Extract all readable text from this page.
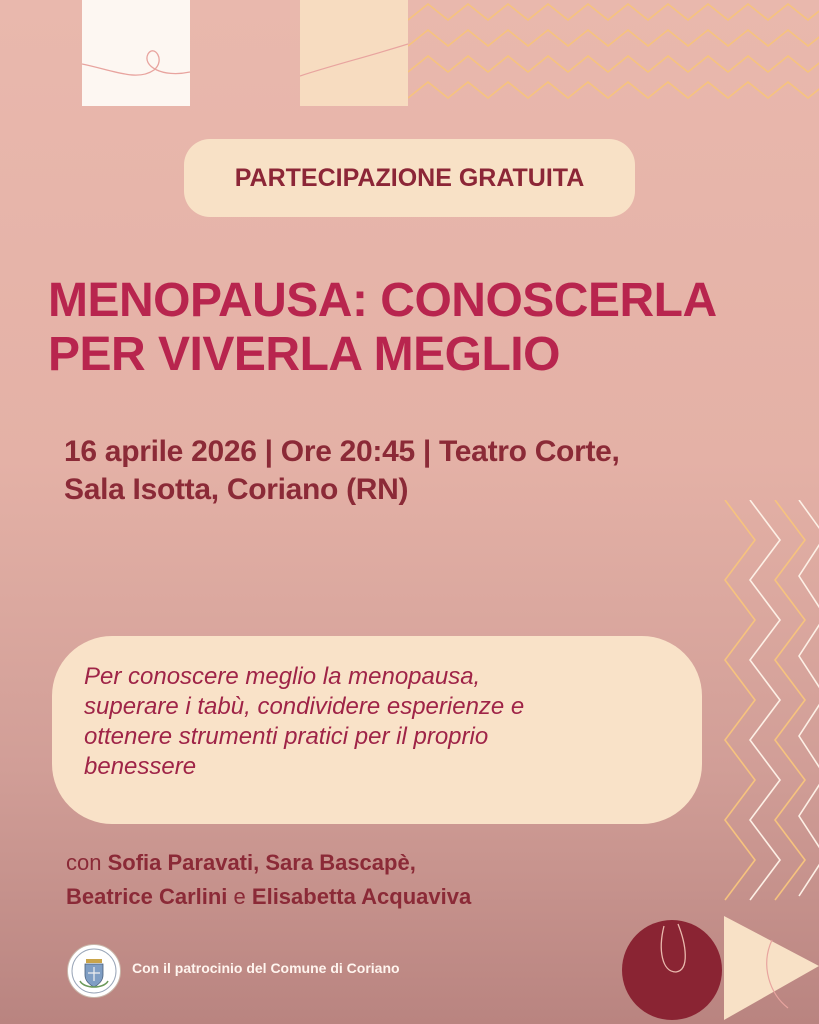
PARTECIPAZIONE GRATUITA
MENOPAUSA: CONOSCERLA
PER VIVERLA MEGLIO
16 aprile 2026 | Ore 20:45 | Teatro Corte,
Sala Isotta, Coriano (RN)
Per conoscere meglio la menopausa,
superare i tabù, condividere esperienze e
ottenere strumenti pratici per il proprio
benessere
con Sofia Paravati, Sara Bascapè,
Beatrice Carlini e Elisabetta Acquaviva
Con il patrocinio del Comune di Coriano
